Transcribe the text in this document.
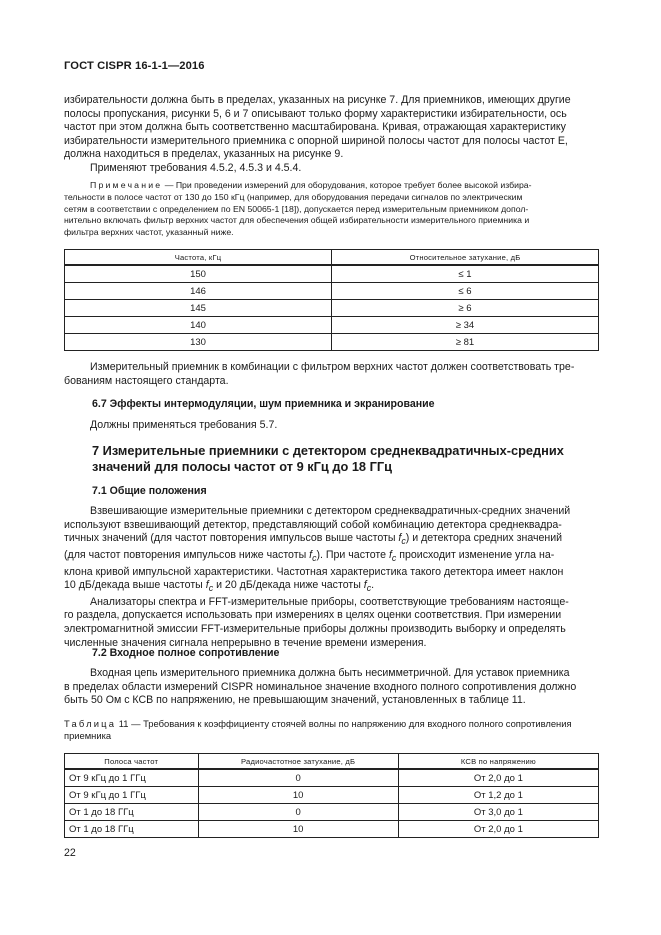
ГОСТ CISPR 16-1-1—2016
избирательности должна быть в пределах, указанных на рисунке 7. Для приемников, имеющих другие
полосы пропускания, рисунки 5, 6 и 7 описывают только форму характеристики избирательности, ось
частот при этом должна быть соответственно масштабирована. Кривая, отражающая характеристику
избирательности измерительного приемника с опорной шириной полосы частот для полосы частот Е,
должна находиться в пределах, указанных на рисунке 9.
Применяют требования 4.5.2, 4.5.3 и 4.5.4.
Примечание — При проведении измерений для оборудования, которое требует более высокой избира-
тельности в полосе частот от 130 до 150 кГц (например, для оборудования передачи сигналов по электрическим
сетям в соответствии с определением по EN 50065-1 [18]), допускается перед измерительным приемником допол-
нительно включать фильтр верхних частот для обеспечения общей избирательности измерительного приемника и
фильтра верхних частот, указанный ниже.
Частота, кГц	Относительное затухание, дБ
150	≤ 1
146	≤ 6
145	≥ 6
140	≥ 34
130	≥ 81
Измерительный приемник в комбинации с фильтром верхних частот должен соответствовать тре-
бованиям настоящего стандарта.
6.7 Эффекты интермодуляции, шум приемника и экранирование
Должны применяться требования 5.7.
7 Измерительные приемники с детектором среднеквадратичных-средних
значений для полосы частот от 9 кГц до 18 ГГц
7.1 Общие положения
Взвешивающие измерительные приемники с детектором среднеквадратичных-средних значений
используют взвешивающий детектор, представляющий собой комбинацию детектора среднеквадра-
тичных значений (для частот повторения импульсов выше частоты $f_c$) и детектора средних значений
(для частот повторения импульсов ниже частоты $f_c$). При частоте $f_c$ происходит изменение угла на-
клона кривой импульсной характеристики. Частотная характеристика такого детектора имеет наклон
10 дБ/декада выше частоты $f_c$ и 20 дБ/декада ниже частоты $f_c$.
Анализаторы спектра и FFT-измерительные приборы, соответствующие требованиям настояще-
го раздела, допускается использовать при измерениях в целях оценки соответствия. При измерении
электромагнитной эмиссии FFT-измерительные приборы должны производить выборку и определять
численные значения сигнала непрерывно в течение времени измерения.
7.2 Входное полное сопротивление
Входная цепь измерительного приемника должна быть несимметричной. Для уставок приемника
в пределах области измерений CISPR номинальное значение входного полного сопротивления должно
быть 50 Ом с КСВ по напряжению, не превышающим значений, установленных в таблице 11.
Таблица 11 — Требования к коэффициенту стоячей волны по напряжению для входного полного сопротивления
приемника
Полоса частот	Радиочастотное затухание, дБ	КСВ по напряжению
От 9 кГц до 1 ГГц	0	От 2,0 до 1
От 9 кГц до 1 ГГц	10	От 1,2 до 1
От 1 до 18 ГГц	0	От 3,0 до 1
От 1 до 18 ГГц	10	От 2,0 до 1
22
